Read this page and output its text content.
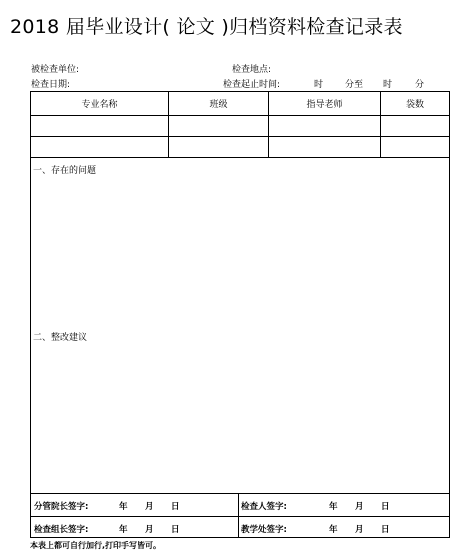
2018 届毕业设计( 论文 )归档资料检查记录表
被检查单位:	检查地点:
检查日期:	检查起止时间:	时 分至 时	分
专业名称	班级	指导老师	袋数
一、存在的问题
二、整改建议
分管院长签字:	年 月 日	检查人签字:	年 月 日
检查组长签字:	年 月 日	教学处签字:	年 月 日
本表上都可自行加行,打印手写皆可。
